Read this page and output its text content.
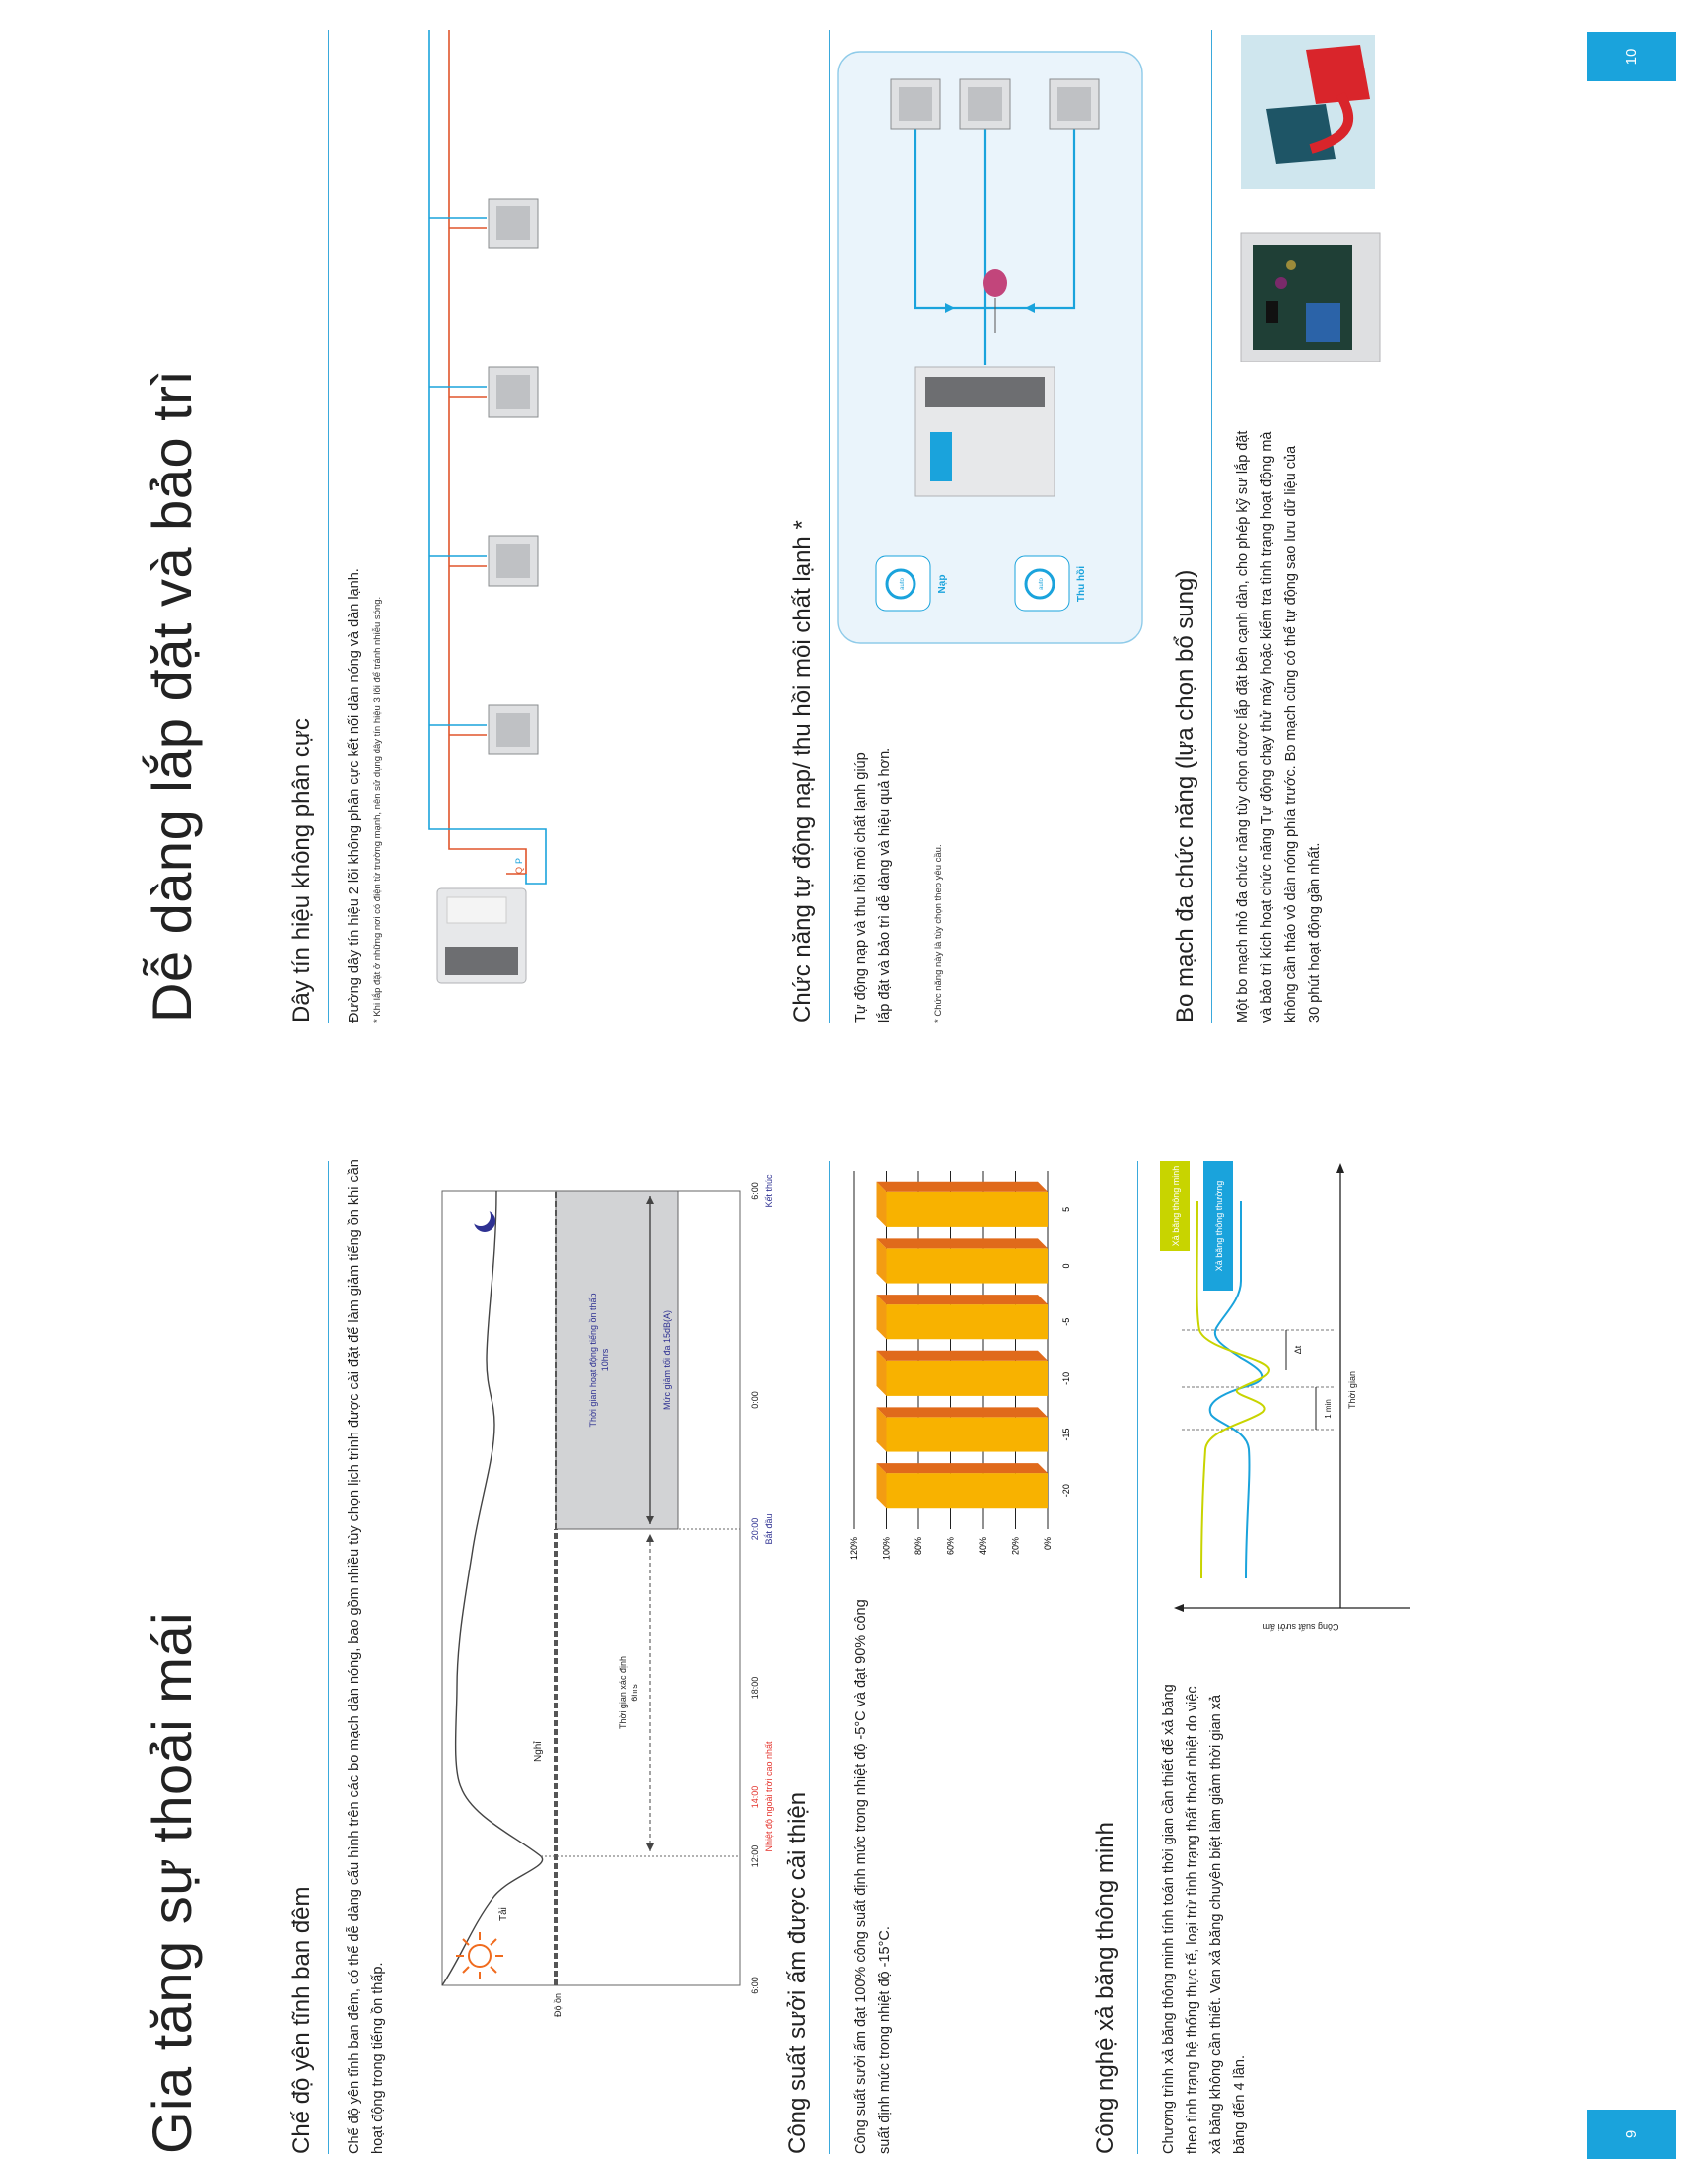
9
Gia tăng sự thoải mái	Chế độ yên tĩnh ban đêm Chế độ yên tĩnh ban đêm, có thể dễ dàng cấu hình trên các bo mạch dàn nóng, bao gồm nhiều tùy chọn lịch trình được cài đặt để làm giảm tiếng ồn khi cần hoạt động trong tiếng ồn thấp.	Độ ồn
Tải
Nghỉ
Thời gian xác định 6hrs
Thời gian hoạt động tiếng ồn thấp 10hrs	Mức giảm tối đa 15dB(A)
6:00
12:00
14:00
18:00
20:00
0:00
6:00
Nhiệt độ ngoài trời cao nhất
Bắt đầu
Kết thúc
Công suất sưởi ấm được cải thiện	Công suất sưởi ấm đạt 100% công suất định mức trong nhiệt độ -5°C và đạt 90% công suất định mức trong nhiệt độ -15°C.
-20
-15
-10
-5
0
5
0%
20%
40%
60%
80%
100%
120%
Công nghệ xả băng thông minh	Chương trình xả băng thông minh tính toán thời gian cần thiết để xả băng theo tình trạng hệ thống thực tế, loại trừ tình trạng thất thoát nhiệt do việc xả băng không cần thiết. Van xả băng chuyên biệt làm giảm thời gian xả băng đến 4 lần.
Công suất sưởi ấm
Thời gian
Δt
1 min
Xả băng thông minh	Xả băng thông thường
10
Dễ dàng lắp đặt và bảo trì	Dây tín hiệu không phân cực Đường dây tín hiệu 2 lõi không phân cực kết nối dàn nóng và dàn lạnh.	* Khi lắp đặt ở những nơi có điện từ trường mạnh, nên sử dụng dây tín hiệu 3 lõi để tránh nhiễu sóng.	Q
P	Chức năng tự động nạp/ thu hồi môi chất lạnh *	Tự động nạp và thu hồi môi chất lạnh giúp lắp đặt và bảo trì dễ dàng và hiệu quả hơn.	* Chức năng này là tùy chọn theo yêu cầu.
auto	Nạp	auto	Thu hồi	Bo mạch đa chức năng (lựa chọn bổ sung)	Một bo mạch nhỏ đa chức năng tùy chọn được lắp đặt bên cạnh dàn, cho phép kỹ sư lắp đặt và bảo trì kích hoạt chức năng Tự động chạy thử máy hoặc kiểm tra tình trạng hoạt động mà không cần tháo vỏ dàn nóng phía trước. Bo mạch cũng có thể tự động sao lưu dữ liệu của 30 phút hoạt động gần nhất.
